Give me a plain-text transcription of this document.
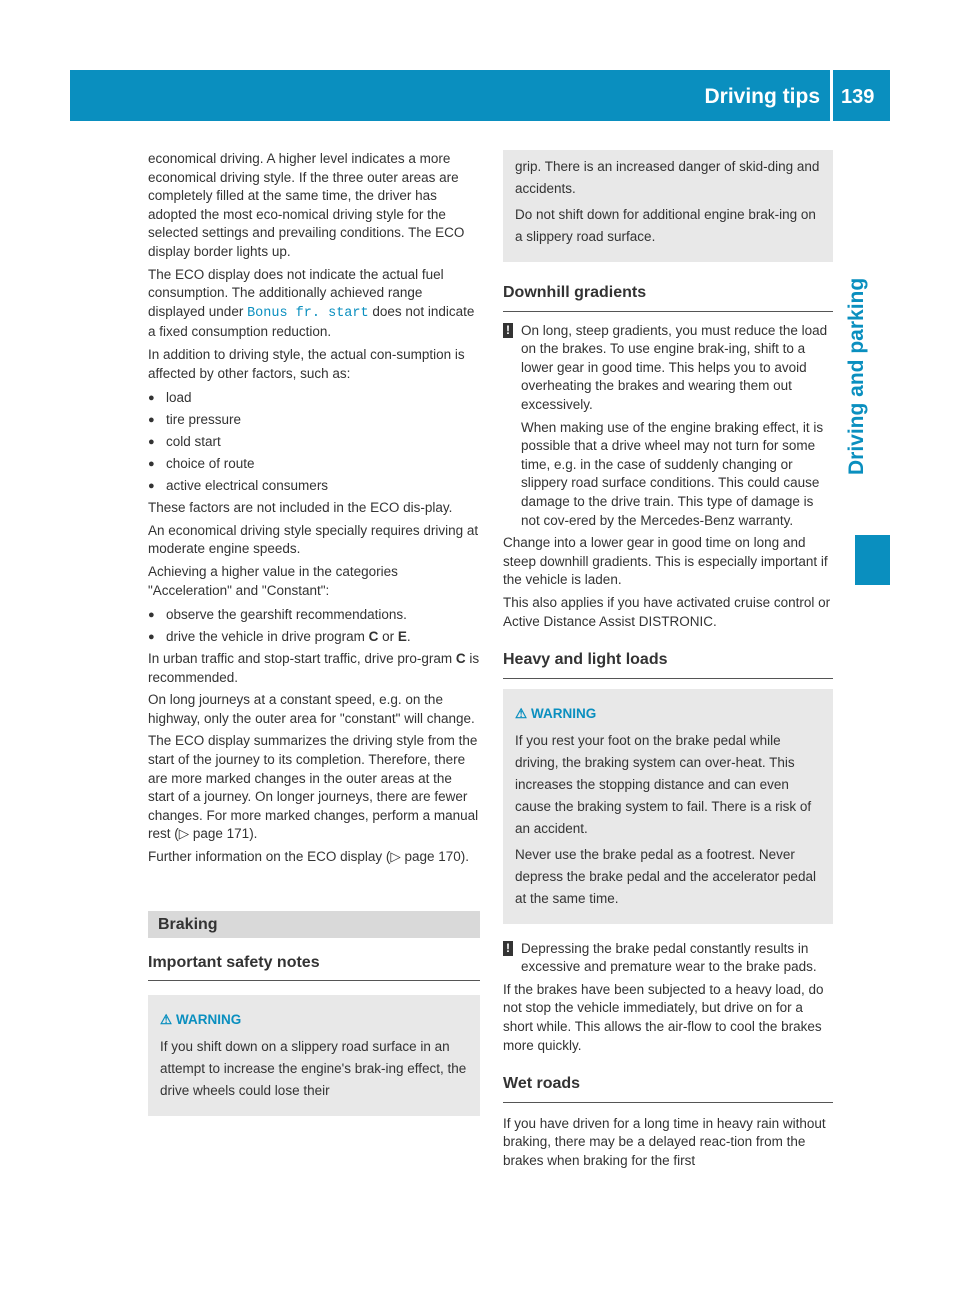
Driving tips 139
Driving and parking

economical driving. A higher level indicates a more economical driving style. If the three outer areas are completely filled at the same time, the driver has adopted the most eco-nomical driving style for the selected settings and prevailing conditions. The ECO display border lights up.

The ECO display does not indicate the actual fuel consumption. The additionally achieved range displayed under Bonus fr. start does not indicate a fixed consumption reduction.

In addition to driving style, the actual con-sumption is affected by other factors, such as:

● load
● tire pressure
● cold start
● choice of route
● active electrical consumers

These factors are not included in the ECO dis-play.

An economical driving style specially requires driving at moderate engine speeds.

Achieving a higher value in the categories "Acceleration" and "Constant":

● observe the gearshift recommendations.
● drive the vehicle in drive program C or E.

In urban traffic and stop-start traffic, drive pro-gram C is recommended.

On long journeys at a constant speed, e.g. on the highway, only the outer area for "constant" will change.

The ECO display summarizes the driving style from the start of the journey to its completion. Therefore, there are more marked changes in the outer areas at the start of a journey. On longer journeys, there are fewer changes. For more marked changes, perform a manual rest (▷ page 171).

Further information on the ECO display (▷ page 170).

Braking
Important safety notes
⚠ WARNING

If you shift down on a slippery road surface in an attempt to increase the engine's brak-ing effect, the drive wheels could lose their

grip. There is an increased danger of skid-ding and accidents.

Do not shift down for additional engine brak-ing on a slippery road surface.

Downhill gradients
! On long, steep gradients, you must reduce the load on the brakes. To use engine brak-ing, shift to a lower gear in good time. This helps you to avoid overheating the brakes and wearing them out excessively.

When making use of the engine braking effect, it is possible that a drive wheel may not turn for some time, e.g. in the case of suddenly changing or slippery road surface conditions. This could cause damage to the drive train. This type of damage is not cov-ered by the Mercedes-Benz warranty.

Change into a lower gear in good time on long and steep downhill gradients. This is especially important if the vehicle is laden.

This also applies if you have activated cruise control or Active Distance Assist DISTRONIC.

Heavy and light loads
⚠ WARNING

If you rest your foot on the brake pedal while driving, the braking system can over-heat. This increases the stopping distance and can even cause the braking system to fail. There is a risk of an accident.

Never use the brake pedal as a footrest. Never depress the brake pedal and the accelerator pedal at the same time.

! Depressing the brake pedal constantly results in excessive and premature wear to the brake pads.

If the brakes have been subjected to a heavy load, do not stop the vehicle immediately, but drive on for a short while. This allows the air-flow to cool the brakes more quickly.

Wet roads

If you have driven for a long time in heavy rain without braking, there may be a delayed reac-tion from the brakes when braking for the first
